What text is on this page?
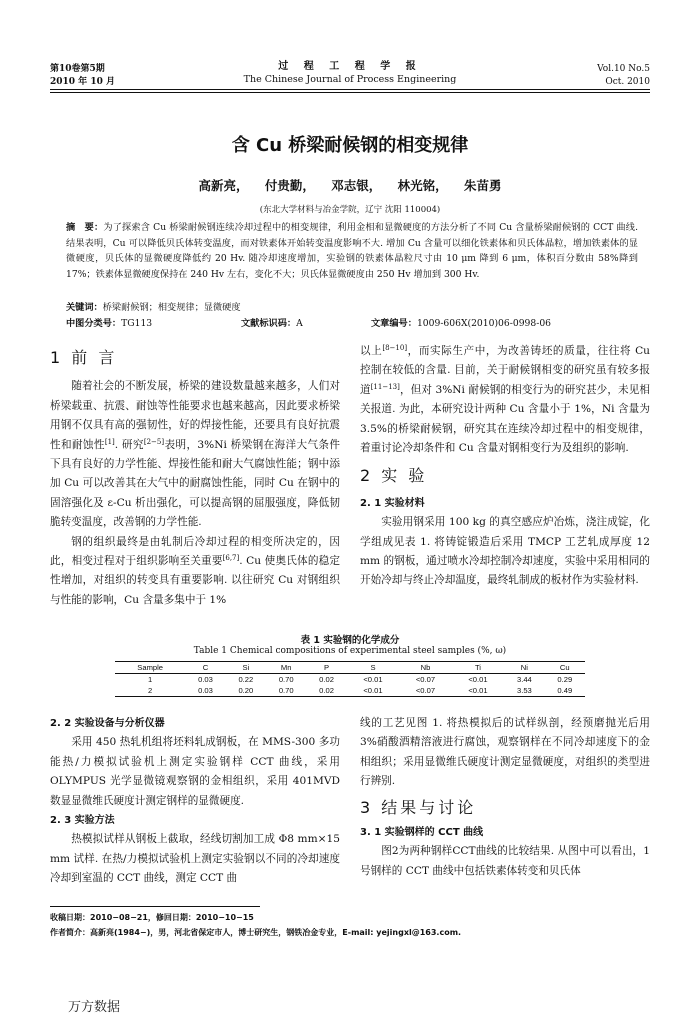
第10卷第5期
2010 年 10 月
过 程 工 程 学 报
The Chinese Journal of Process Engineering
Vol.10 No.5
Oct. 2010
含 Cu 桥梁耐候钢的相变规律
高新亮， 付贵勤， 邓志银， 林光铭， 朱苗勇
(东北大学材料与冶金学院，辽宁 沈阳 110004)
摘　要：为了探索含 Cu 桥梁耐候钢连续冷却过程中的相变规律，利用金相和显微硬度的方法分析了不同 Cu 含量桥梁耐候钢的 CCT 曲线. 结果表明，Cu 可以降低贝氏体转变温度，而对铁素体开始转变温度影响不大. 增加 Cu 含量可以细化铁素体和贝氏体晶粒，增加铁素体的显微硬度，贝氏体的显微硬度降低约 20 Hv. 随冷却速度增加，实验钢的铁素体晶粒尺寸由 10 μm 降到 6 μm，体积百分数由 58%降到 17%；铁素体显微硬度保持在 240 Hv 左右，变化不大；贝氏体显微硬度由 250 Hv 增加到 300 Hv.
关键词：桥梁耐候钢；相变规律；显微硬度
中图分类号：TG113	文献标识码：A	文章编号：1009-606X(2010)06-0998-06
1 前 言

随着社会的不断发展，桥梁的建设数量越来越多，人们对桥梁载重、抗震、耐蚀等性能要求也越来越高，因此要求桥梁用钢不仅具有高的强韧性，好的焊接性能，还要具有良好抗震性和耐蚀性[1]. 研究[2−5]表明，3%Ni 桥梁钢在海洋大气条件下具有良好的力学性能、焊接性能和耐大气腐蚀性能；钢中添加 Cu 可以改善其在大气中的耐腐蚀性能，同时 Cu 在钢中的固溶强化及 ε-Cu 析出强化，可以提高钢的屈服强度，降低韧脆转变温度，改善钢的力学性能.

钢的组织最终是由轧制后冷却过程的相变所决定的，因此，相变过程对于组织影响至关重要[6,7]. Cu 使奥氏体的稳定性增加，对组织的转变具有重要影响. 以往研究 Cu 对钢组织与性能的影响，Cu 含量多集中于 1%

以上[8−10]，而实际生产中，为改善铸坯的质量，往往将 Cu 控制在较低的含量. 目前，关于耐候钢相变的研究虽有较多报道[11−13]，但对 3%Ni 耐候钢的相变行为的研究甚少，未见相关报道. 为此，本研究设计两种 Cu 含量小于 1%，Ni 含量为 3.5%的桥梁耐候钢，研究其在连续冷却过程中的相变规律，着重讨论冷却条件和 Cu 含量对钢相变行为及组织的影响.

2 实 验
2. 1 实验材料

实验用钢采用 100 kg 的真空感应炉冶炼，浇注成锭，化学组成见表 1. 将铸锭锻造后采用 TMCP 工艺轧成厚度 12 mm 的钢板，通过喷水冷却控制冷却速度，实验中采用相同的开始冷却与终止冷却温度，最终轧制成的板材作为实验材料.

表 1 实验钢的化学成分
Table 1 Chemical compositions of experimental steel samples (%, ω)
Sample	C	Si	Mn	P	S	Nb	Ti	Ni	Cu
1	0.03	0.22	0.70	0.02	<0.01	<0.07	<0.01	3.44	0.29
2	0.03	0.20	0.70	0.02	<0.01	<0.07	<0.01	3.53	0.49
2. 2 实验设备与分析仪器

采用 450 热轧机组将坯料轧成钢板，在 MMS-300 多功能热/力模拟试验机上测定实验钢样 CCT 曲线，采用 OLYMPUS 光学显微镜观察钢的金相组织，采用 401MVD 数显显微维氏硬度计测定钢样的显微硬度.

2. 3 实验方法

热模拟试样从钢板上截取，经线切割加工成 Φ8 mm×15 mm 试样. 在热/力模拟试验机上测定实验钢以不同的冷却速度冷却到室温的 CCT 曲线，测定 CCT 曲

线的工艺见图 1. 将热模拟后的试样纵剖，经预磨抛光后用 3%硝酸酒精溶液进行腐蚀，观察钢样在不同冷却速度下的金相组织；采用显微维氏硬度计测定显微硬度，对组织的类型进行辨别.

3 结果与讨论
3. 1 实验钢样的 CCT 曲线

图2为两种钢样CCT曲线的比较结果. 从图中可以看出，1 号钢样的 CCT 曲线中包括铁素体转变和贝氏体

收稿日期：2010−08−21，修回日期：2010−10−15
作者简介：高新亮(1984−)，男，河北省保定市人，博士研究生，钢铁冶金专业，E-mail: yejingxl@163.com.
万方数据
